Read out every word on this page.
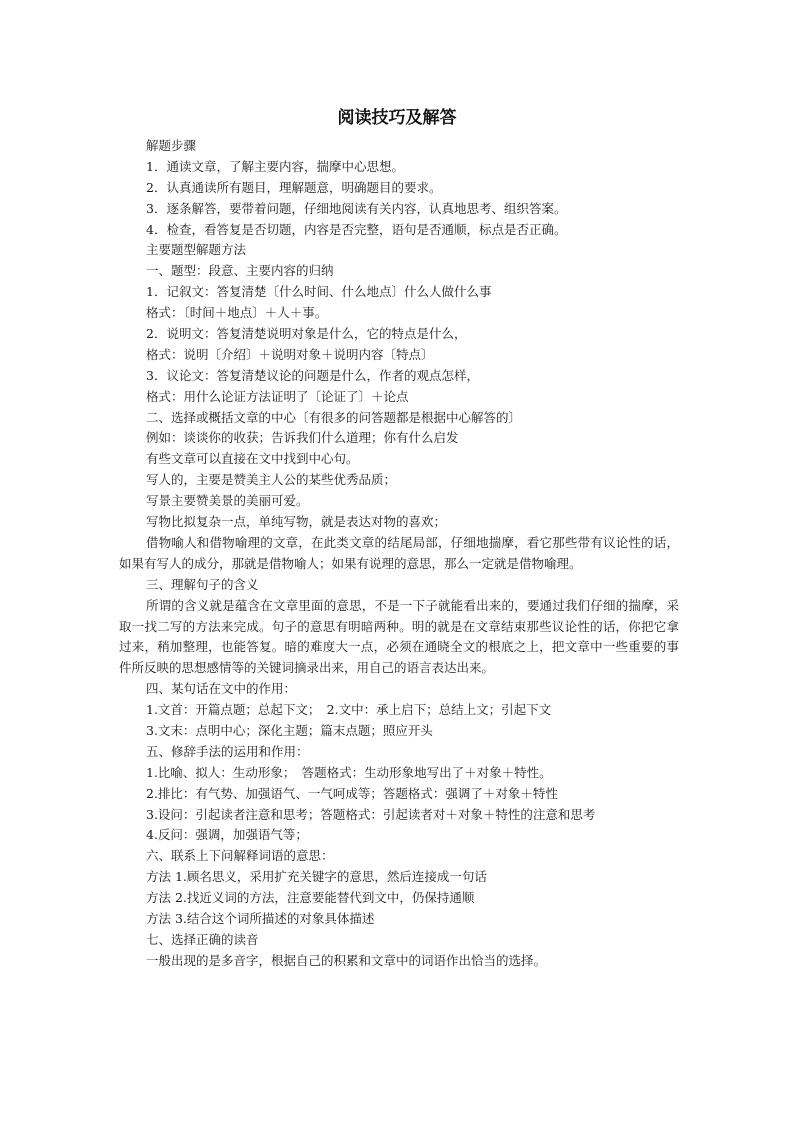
阅读技巧及解答
解题步骤
1．通读文章，了解主要内容，揣摩中心思想。
2．认真通读所有题目，理解题意，明确题目的要求。
3．逐条解答，要带着问题，仔细地阅读有关内容，认真地思考、组织答案。
4．检查，看答复是否切题，内容是否完整，语句是否通顺，标点是否正确。
主要题型解题方法
一、题型：段意、主要内容的归纳
1．记叙文：答复清楚〔什么时间、什么地点〕什么人做什么事
格式：〔时间＋地点〕＋人＋事。
2．说明文：答复清楚说明对象是什么，它的特点是什么，
格式：说明〔介绍〕＋说明对象＋说明内容〔特点〕
3．议论文：答复清楚议论的问题是什么，作者的观点怎样，
格式：用什么论证方法证明了〔论证了〕＋论点
二、选择或概括文章的中心〔有很多的问答题都是根据中心解答的〕
例如：谈谈你的收获；告诉我们什么道理；你有什么启发
有些文章可以直接在文中找到中心句。
写人的，主要是赞美主人公的某些优秀品质；
写景主要赞美景的美丽可爱。
写物比拟复杂一点，单纯写物，就是表达对物的喜欢；

借物喻人和借物喻理的文章，在此类文章的结尾局部，仔细地揣摩，看它那些带有议论性的话，如果有写人的成分，那就是借物喻人；如果有说理的意思，那么一定就是借物喻理。

三、理解句子的含义

所谓的含义就是蕴含在文章里面的意思，不是一下子就能看出来的，要通过我们仔细的揣摩，采取一找二写的方法来完成。句子的意思有明暗两种。明的就是在文章结束那些议论性的话，你把它拿过来，稍加整理，也能答复。暗的难度大一点，必须在通晓全文的根底之上，把文章中一些重要的事件所反映的思想感情等的关键词摘录出来，用自己的语言表达出来。

四、某句话在文中的作用：
1.文首：开篇点题；总起下文；　2.文中：承上启下；总结上文；引起下文
3.文末：点明中心；深化主题；篇末点题；照应开头
五、修辞手法的运用和作用：
1.比喻、拟人：生动形象；　答题格式：生动形象地写出了＋对象＋特性。
2.排比：有气势、加强语气、一气呵成等；答题格式：强调了＋对象＋特性
3.设问：引起读者注意和思考；答题格式：引起读者对＋对象＋特性的注意和思考
4.反问：强调，加强语气等；
六、联系上下问解释词语的意思：
方法 1.顾名思义，采用扩充关键字的意思，然后连接成一句话
方法 2.找近义词的方法，注意要能替代到文中，仍保持通顺
方法 3.结合这个词所描述的对象具体描述
七、选择正确的读音
一般出现的是多音字，根据自己的积累和文章中的词语作出恰当的选择。
